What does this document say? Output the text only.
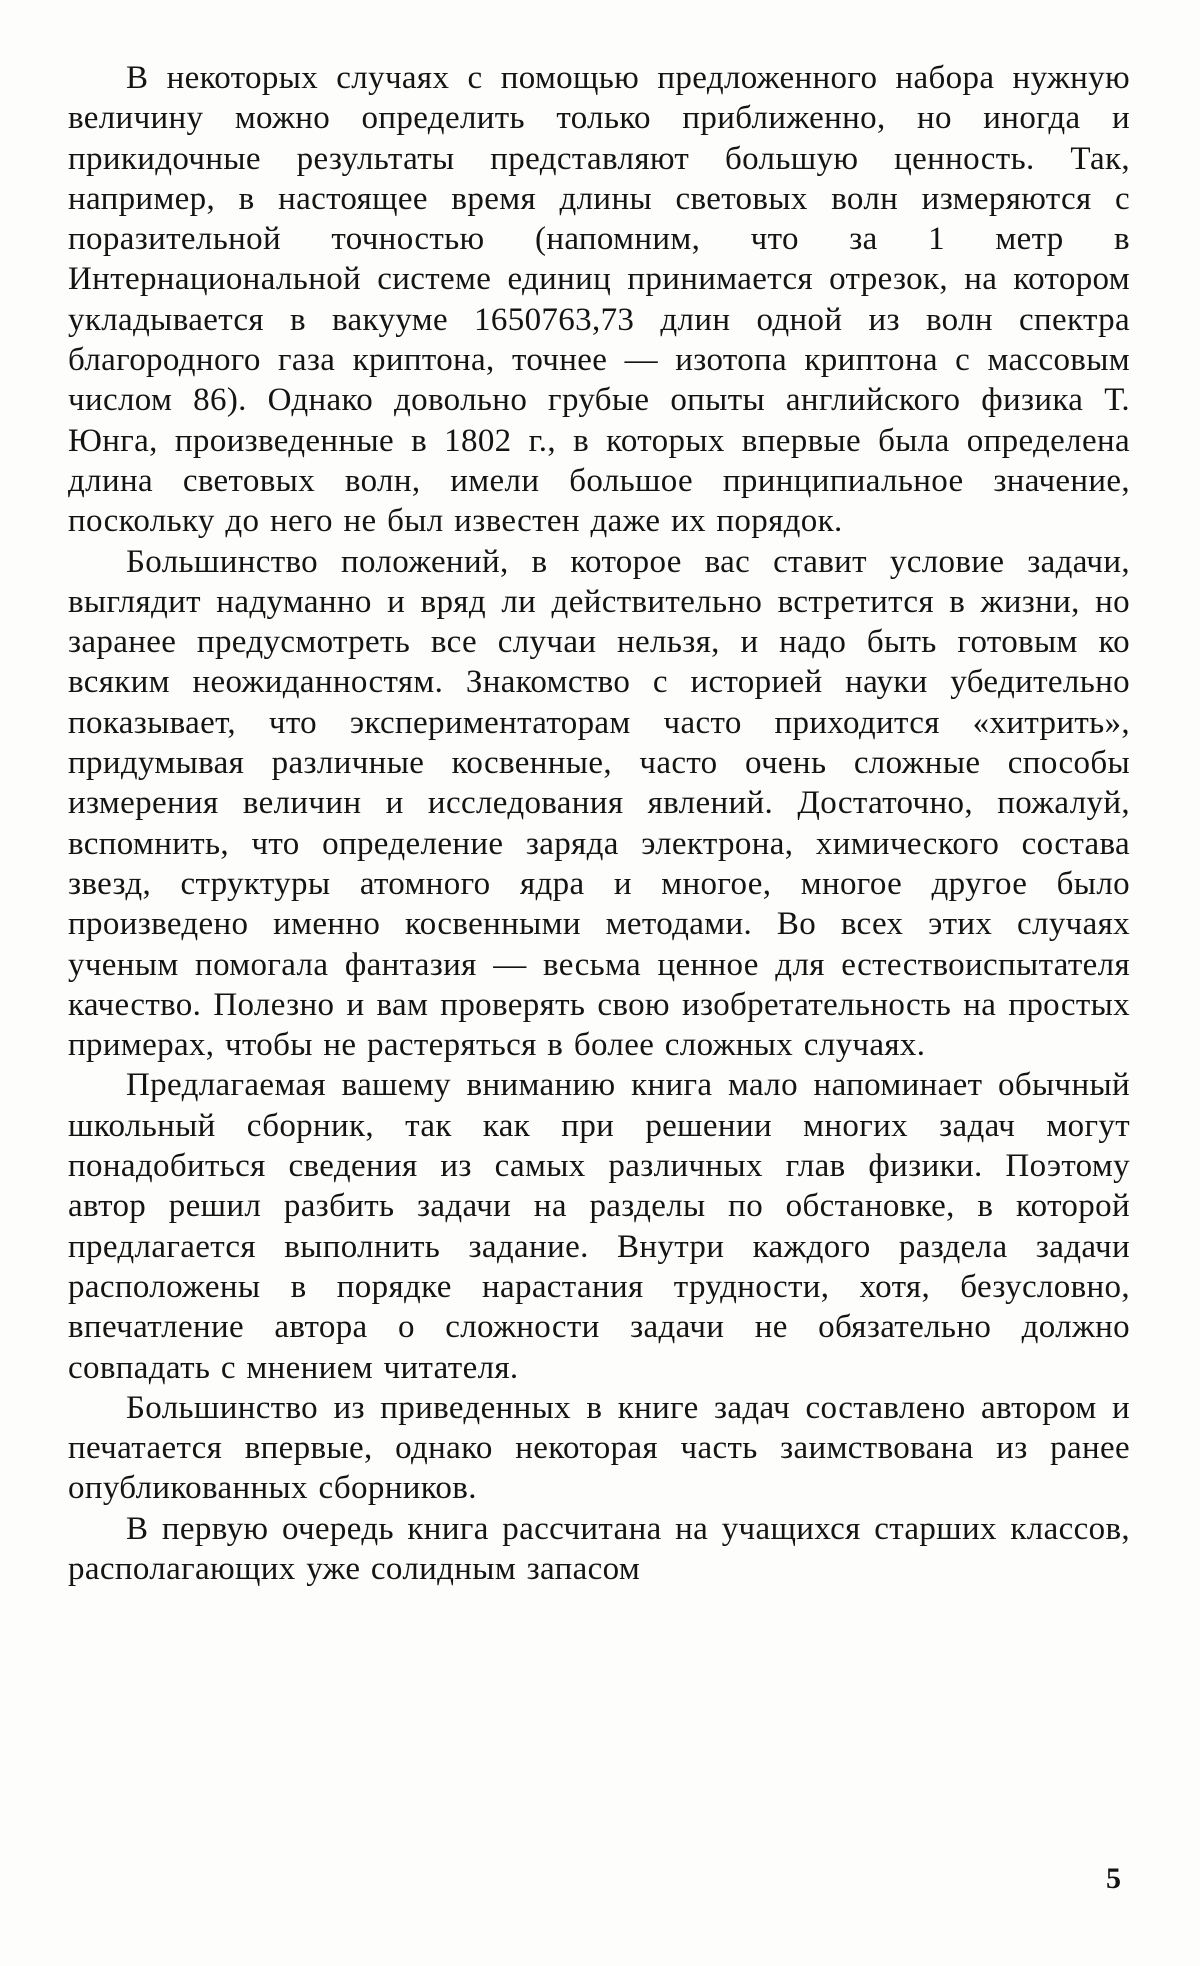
В некоторых случаях с помощью предложенного набора нужную величину можно определить только приближенно, но иногда и прикидочные результаты представляют большую ценность. Так, например, в настоящее время длины световых волн измеряются с поразительной точностью (напомним, что за 1 метр в Интернациональной системе единиц принимается отрезок, на котором укладывается в вакууме 1650763,73 длин одной из волн спектра благородного газа криптона, точнее — изотопа криптона с массовым числом 86). Однако довольно грубые опыты английского физика Т. Юнга, произведенные в 1802 г., в которых впервые была определена длина световых волн, имели большое принципиальное значение, поскольку до него не был известен даже их порядок.

Большинство положений, в которое вас ставит условие задачи, выглядит надуманно и вряд ли действительно встретится в жизни, но заранее предусмотреть все случаи нельзя, и надо быть готовым ко всяким неожиданностям. Знакомство с историей науки убедительно показывает, что экспериментаторам часто приходится «хитрить», придумывая различные косвенные, часто очень сложные способы измерения величин и исследования явлений. Достаточно, пожалуй, вспомнить, что определение заряда электрона, химического состава звезд, структуры атомного ядра и многое, многое другое было произведено именно косвенными методами. Во всех этих случаях ученым помогала фантазия — весьма ценное для естествоиспытателя качество. Полезно и вам проверять свою изобретательность на простых примерах, чтобы не растеряться в более сложных случаях.

Предлагаемая вашему вниманию книга мало напоминает обычный школьный сборник, так как при решении многих задач могут понадобиться сведения из самых различных глав физики. Поэтому автор решил разбить задачи на разделы по обстановке, в которой предлагается выполнить задание. Внутри каждого раздела задачи расположены в порядке нарастания трудности, хотя, безусловно, впечатление автора о сложности задачи не обязательно должно совпадать с мнением читателя.

Большинство из приведенных в книге задач составлено автором и печатается впервые, однако некоторая часть заимствована из ранее опубликованных сборников.

В первую очередь книга рассчитана на учащихся старших классов, располагающих уже солидным запасом

5
